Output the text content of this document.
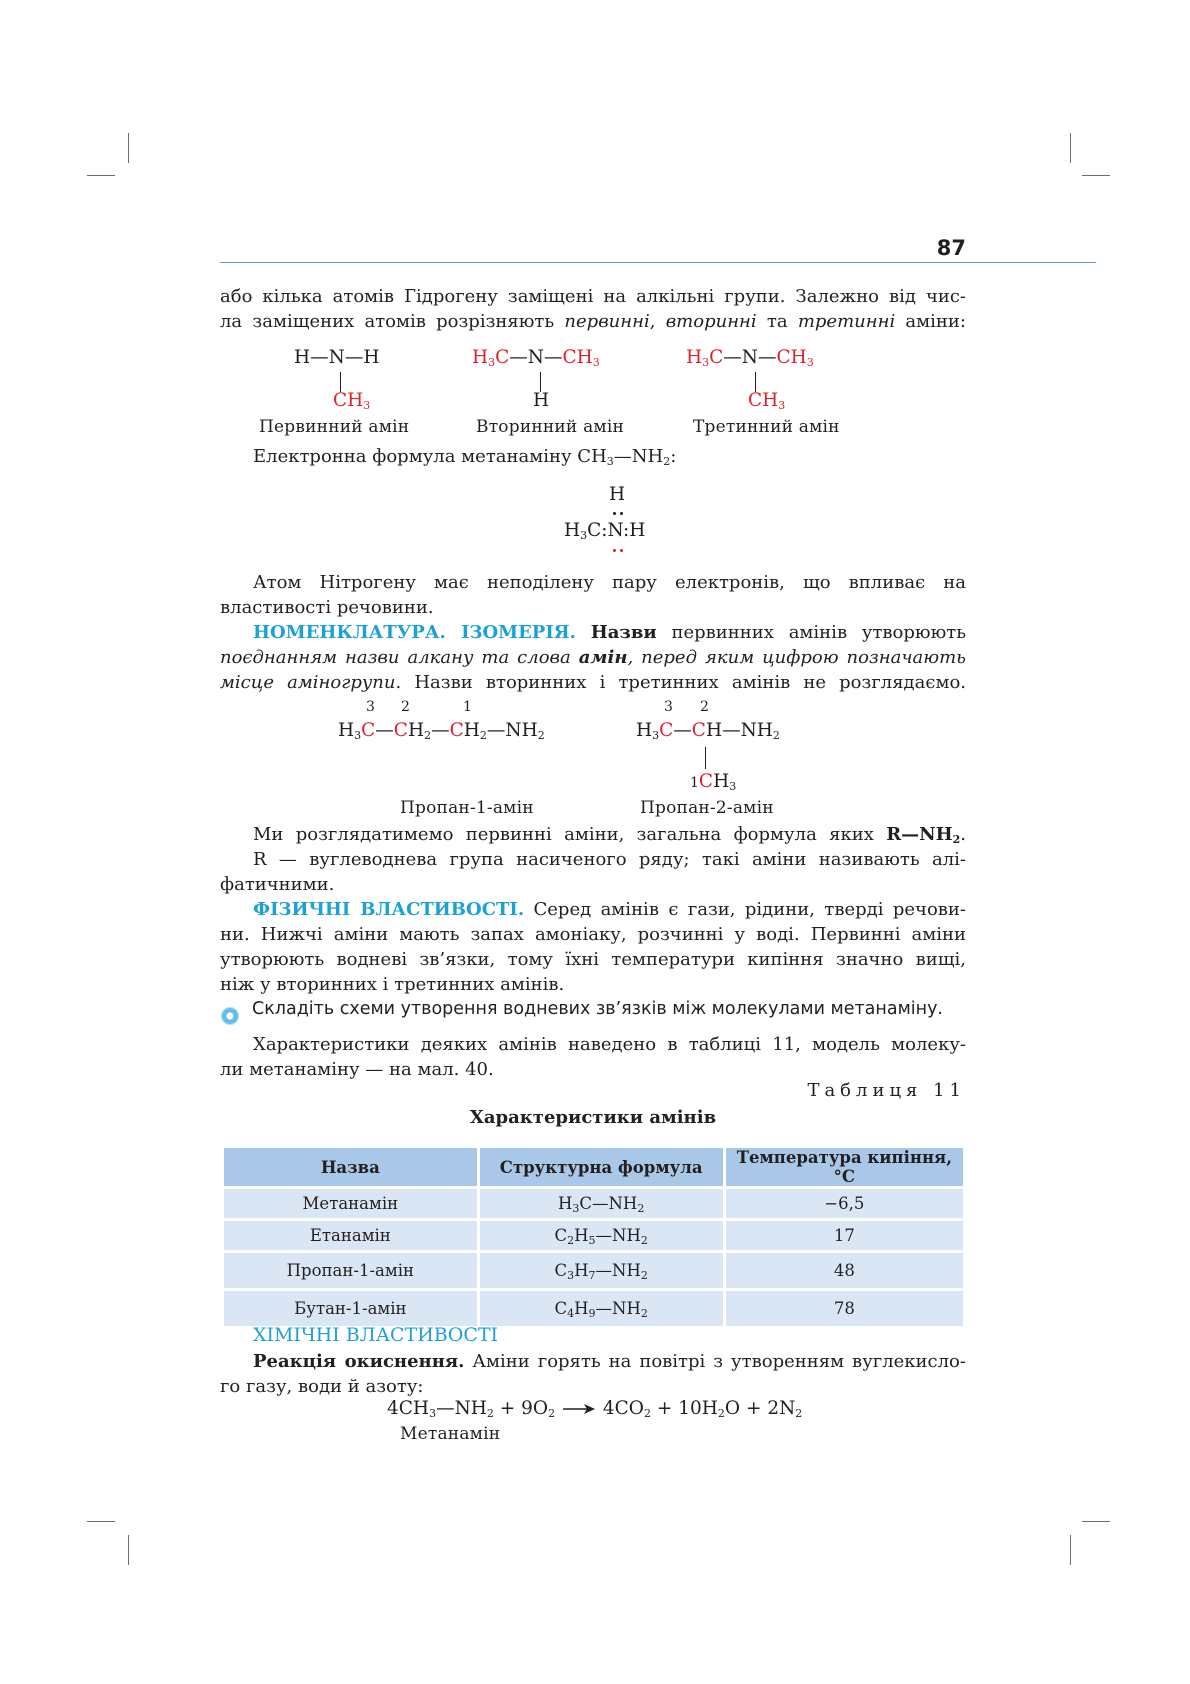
87
або кілька атомів Гідрогену заміщені на алкільні групи. Залежно від чис-
ла заміщених атомів розрізняють первинні, вторинні та третинні аміни:
H—N—H
$CH_3$
Первинний амін
$H_3C—N—CH_3$
H
Вторинний амін
$H_3C—N—CH_3$
$CH_3$
Третинний амін
Електронна формула метанаміну $CH_3—NH_2$:
H
$H_3C:N:H$
Атом Нітрогену має неподілену пару електронів, що впливає на
властивості речовини.
НОМЕНКЛАТУРА. ІЗОМЕРІЯ. Назви первинних амінів утворюють
поєднанням назви алкану та слова амін, перед яким цифрою позначають
місце аміногрупи. Назви вторинних і третинних амінів не розглядаємо.
3 2	1
$H_3C—CH_2—CH_2—NH_2$
Пропан-1-амін
3 2
$H_3C—CH—NH_2$
$1CH_3$
Пропан-2-амін
Ми розглядатимемо первинні аміни, загальна формула яких $R—NH_2$.
R — вуглеводнева група насиченого ряду; такі аміни називають алі-
фатичними.
ФІЗИЧНІ ВЛАСТИВОСТІ. Серед амінів є гази, рідини, тверді речови-
ни. Нижчі аміни мають запах амоніаку, розчинні у воді. Первинні аміни
утворюють водневі зв’язки, тому їхні температури кипіння значно вищі,
ніж у вторинних і третинних амінів.
Складіть схеми утворення водневих зв’язків між молекулами метанаміну.
Характеристики деяких амінів наведено в таблиці 11, модель молеку-
ли метанаміну — на мал. 40.
Таблиця 11
Характеристики амінів
Назва	Структурна формула	Температура кипіння, °С
Метанамін	$H_3C—NH_2$	−6,5
Етанамін	$C_2H_5—NH_2$	17
Пропан-1-амін	$C_3H_7—NH_2$	48
Бутан-1-амін	$C_4H_9—NH_2$	78
ХІМІЧНІ ВЛАСТИВОСТІ
Реакція окиснення. Аміни горять на повітрі з утворенням вуглекисло-
го газу, води й азоту:
$4CH_3—NH_2 + 9O_2 \to 4CO_2 + 10H_2O + 2N_2$
Метанамін
